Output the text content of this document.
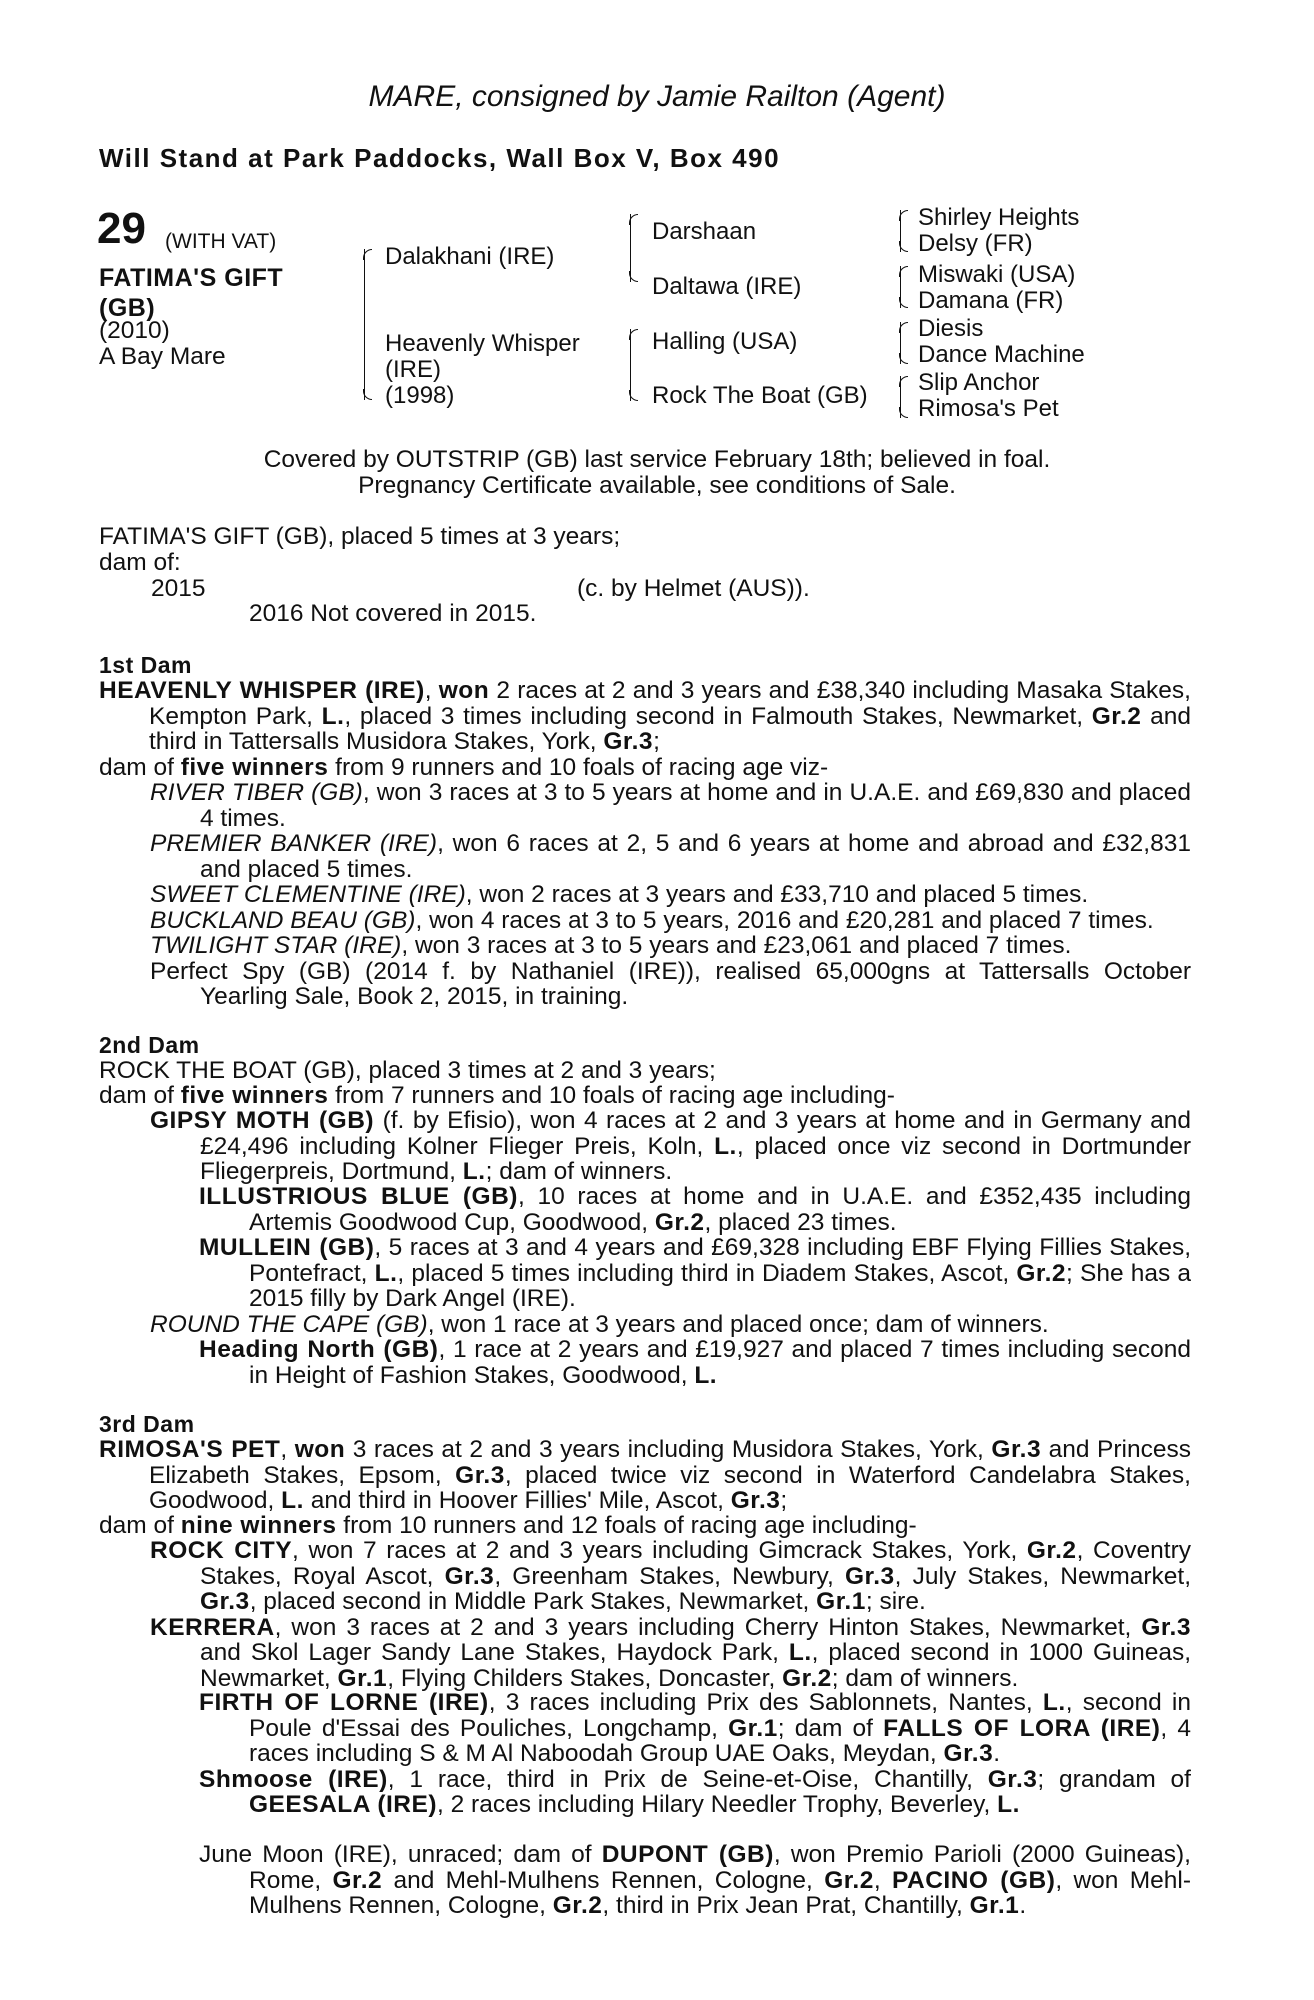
MARE, consigned by Jamie Railton (Agent)
Will Stand at Park Paddocks, Wall Box V, Box 490
29 (WITH VAT)
FATIMA'S GIFT
(GB)
(2010)
A Bay Mare
Dalakhani (IRE)
Heavenly Whisper
(IRE)
(1998)
Darshaan
Daltawa (IRE)
Halling (USA)
Rock The Boat (GB)
Shirley Heights
Delsy (FR)
Miswaki (USA)
Damana (FR)
Diesis
Dance Machine
Slip Anchor
Rimosa's Pet
Covered by OUTSTRIP (GB) last service February 18th; believed in foal.
Pregnancy Certificate available, see conditions of Sale.
FATIMA'S GIFT (GB), placed 5 times at 3 years;
dam of:
2015	(c. by Helmet (AUS)).
2016 Not covered in 2015.
1st Dam
HEAVENLY WHISPER (IRE), won 2 races at 2 and 3 years and £38,340 including Masaka Stakes, Kempton Park, L., placed 3 times including second in Falmouth Stakes, Newmarket, Gr.2 and third in Tattersalls Musidora Stakes, York, Gr.3;
dam of five winners from 9 runners and 10 foals of racing age viz-
RIVER TIBER (GB), won 3 races at 3 to 5 years at home and in U.A.E. and £69,830 and placed 4 times.
PREMIER BANKER (IRE), won 6 races at 2, 5 and 6 years at home and abroad and £32,831 and placed 5 times.
SWEET CLEMENTINE (IRE), won 2 races at 3 years and £33,710 and placed 5 times.
BUCKLAND BEAU (GB), won 4 races at 3 to 5 years, 2016 and £20,281 and placed 7 times.
TWILIGHT STAR (IRE), won 3 races at 3 to 5 years and £23,061 and placed 7 times.
Perfect Spy (GB) (2014 f. by Nathaniel (IRE)), realised 65,000gns at Tattersalls October Yearling Sale, Book 2, 2015, in training.
2nd Dam
ROCK THE BOAT (GB), placed 3 times at 2 and 3 years;
dam of five winners from 7 runners and 10 foals of racing age including-
GIPSY MOTH (GB) (f. by Efisio), won 4 races at 2 and 3 years at home and in Germany and £24,496 including Kolner Flieger Preis, Koln, L., placed once viz second in Dortmunder Fliegerpreis, Dortmund, L.; dam of winners.
ILLUSTRIOUS BLUE (GB), 10 races at home and in U.A.E. and £352,435 including Artemis Goodwood Cup, Goodwood, Gr.2, placed 23 times.
MULLEIN (GB), 5 races at 3 and 4 years and £69,328 including EBF Flying Fillies Stakes, Pontefract, L., placed 5 times including third in Diadem Stakes, Ascot, Gr.2; She has a 2015 filly by Dark Angel (IRE).
ROUND THE CAPE (GB), won 1 race at 3 years and placed once; dam of winners.
Heading North (GB), 1 race at 2 years and £19,927 and placed 7 times including second in Height of Fashion Stakes, Goodwood, L.
3rd Dam
RIMOSA'S PET, won 3 races at 2 and 3 years including Musidora Stakes, York, Gr.3 and Princess Elizabeth Stakes, Epsom, Gr.3, placed twice viz second in Waterford Candelabra Stakes, Goodwood, L. and third in Hoover Fillies' Mile, Ascot, Gr.3;
dam of nine winners from 10 runners and 12 foals of racing age including-
ROCK CITY, won 7 races at 2 and 3 years including Gimcrack Stakes, York, Gr.2, Coventry Stakes, Royal Ascot, Gr.3, Greenham Stakes, Newbury, Gr.3, July Stakes, Newmarket, Gr.3, placed second in Middle Park Stakes, Newmarket, Gr.1; sire.
KERRERA, won 3 races at 2 and 3 years including Cherry Hinton Stakes, Newmarket, Gr.3 and Skol Lager Sandy Lane Stakes, Haydock Park, L., placed second in 1000 Guineas, Newmarket, Gr.1, Flying Childers Stakes, Doncaster, Gr.2; dam of winners.
FIRTH OF LORNE (IRE), 3 races including Prix des Sablonnets, Nantes, L., second in Poule d'Essai des Pouliches, Longchamp, Gr.1; dam of FALLS OF LORA (IRE), 4 races including S & M Al Naboodah Group UAE Oaks, Meydan, Gr.3.
Shmoose (IRE), 1 race, third in Prix de Seine-et-Oise, Chantilly, Gr.3; grandam of GEESALA (IRE), 2 races including Hilary Needler Trophy, Beverley, L.
June Moon (IRE), unraced; dam of DUPONT (GB), won Premio Parioli (2000 Guineas), Rome, Gr.2 and Mehl-Mulhens Rennen, Cologne, Gr.2, PACINO (GB), won Mehl-Mulhens Rennen, Cologne, Gr.2, third in Prix Jean Prat, Chantilly, Gr.1.
